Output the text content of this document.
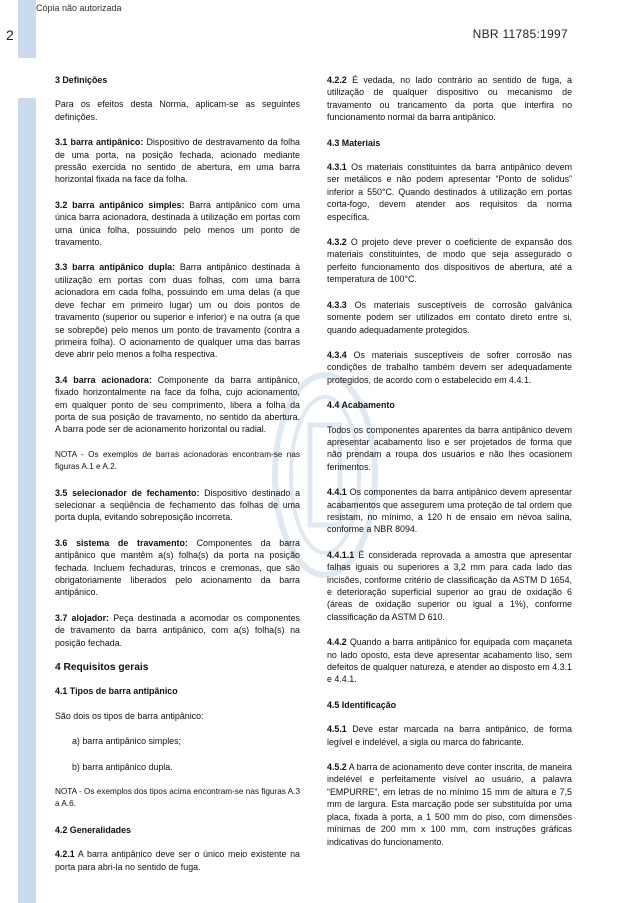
Cópia não autorizada
2	NBR 11785:1997
3 Definições
Para os efeitos desta Norma, aplicam-se as seguintes definições.
3.1 barra antipânico: Dispositivo de destravamento da folha de uma porta, na posição fechada, acionado mediante pressão exercida no sentido de abertura, em uma barra horizontal fixada na face da folha.
3.2 barra antipânico simples: Barra antipânico com uma única barra acionadora, destinada à utilização em portas com uma única folha, possuindo pelo menos um ponto de travamento.
3.3 barra antipânico dupla: Barra antipânico destinada à utilização em portas com duas folhas, com uma barra acionadora em cada folha, possuindo em uma delas (a que deve fechar em primeiro lugar) um ou dois pontos de travamento (superior ou superior e inferior) e na outra (a que se sobrepõe) pelo menos um ponto de travamento (contra a primeira folha). O acionamento de qualquer uma das barras deve abrir pelo menos a folha respectiva.
3.4 barra acionadora: Componente da barra antipânico, fixado horizontalmente na face da folha, cujo acionamento, em qualquer ponto de seu comprimento, libera a folha da porta de sua posição de travamento, no sentido da abertura. A barra pode ser de acionamento horizontal ou radial.
NOTA - Os exemplos de barras acionadoras encontram-se nas figuras A.1 e A.2.
3.5 selecionador de fechamento: Dispositivo destinado a selecionar a seqüência de fechamento das folhas de uma porta dupla, evitando sobreposição incorreta.
3.6 sistema de travamento: Componentes da barra antipânico que mantêm a(s) folha(s) da porta na posição fechada. Incluem fechaduras, trincos e cremonas, que são obrigatoriamente liberados pelo acionamento da barra antipânico.
3.7 alojador: Peça destinada a acomodar os componentes de travamento da barra antipânico, com a(s) folha(s) na posição fechada.
4 Requisitos gerais
4.1 Tipos de barra antipânico
São dois os tipos de barra antipânico:
a) barra antipânico simples;
b) barra antipânico dupla.
NOTA - Os exemplos dos tipos acima encontram-se nas figuras A.3 a A.6.
4.2 Generalidades
4.2.1 A barra antipânico deve ser o único meio existente na porta para abri-la no sentido de fuga.
4.2.2 É vedada, no lado contrário ao sentido de fuga, a utilização de qualquer dispositivo ou mecanismo de travamento ou trancamento da porta que interfira no funcionamento normal da barra antipânico.
4.3 Materiais
4.3.1 Os materiais constituintes da barra antipânico devem ser metálicos e não podem apresentar “Ponto de solidus” inferior a 550°C. Quando destinados à utilização em portas corta-fogo, devem atender aos requisitos da norma específica.
4.3.2 O projeto deve prever o coeficiente de expansão dos materiais constituintes, de modo que seja assegurado o perfeito funcionamento dos dispositivos de abertura, até a temperatura de 100°C.
4.3.3 Os materiais susceptíveis de corrosão galvânica somente podem ser utilizados em contato direto entre si, quando adequadamente protegidos.
4.3.4 Os materiais susceptíveis de sofrer corrosão nas condições de trabalho também devem ser adequadamente protegidos, de acordo com o estabelecido em 4.4.1.
4.4 Acabamento
Todos os componentes aparentes da barra antipânico devem apresentar acabamento liso e ser projetados de forma que não prendam a roupa dos usuários e não lhes ocasionem ferimentos.
4.4.1 Os componentes da barra antipânico devem apresentar acabamentos que assegurem uma proteção de tal ordem que resistam, no mínimo, a 120 h de ensaio em névoa salina, conforme a NBR 8094.
4.4.1.1 É considerada reprovada a amostra que apresentar falhas iguais ou superiores a 3,2 mm para cada lado das incisões, conforme critério de classificação da ASTM D 1654, e deterioração superficial superior ao grau de oxidação 6 (áreas de oxidação superior ou igual a 1%), conforme classificação da ASTM D 610.
4.4.2 Quando a barra antipânico for equipada com maçaneta no lado oposto, esta deve apresentar acabamento liso, sem defeitos de qualquer natureza, e atender ao disposto em 4.3.1 e 4.4.1.
4.5 Identificação
4.5.1 Deve estar marcada na barra antipânico, de forma legível e indelével, a sigla ou marca do fabricante.
4.5.2 A barra de acionamento deve conter inscrita, de maneira indelével e perfeitamente visível ao usuário, a palavra “EMPURRE”, em letras de no mínimo 15 mm de altura e 7,5 mm de largura. Esta marcação pode ser substituída por uma placa, fixada à porta, a 1 500 mm do piso, com dimensões mínimas de 200 mm x 100 mm, com instruções gráficas indicativas do funcionamento.
